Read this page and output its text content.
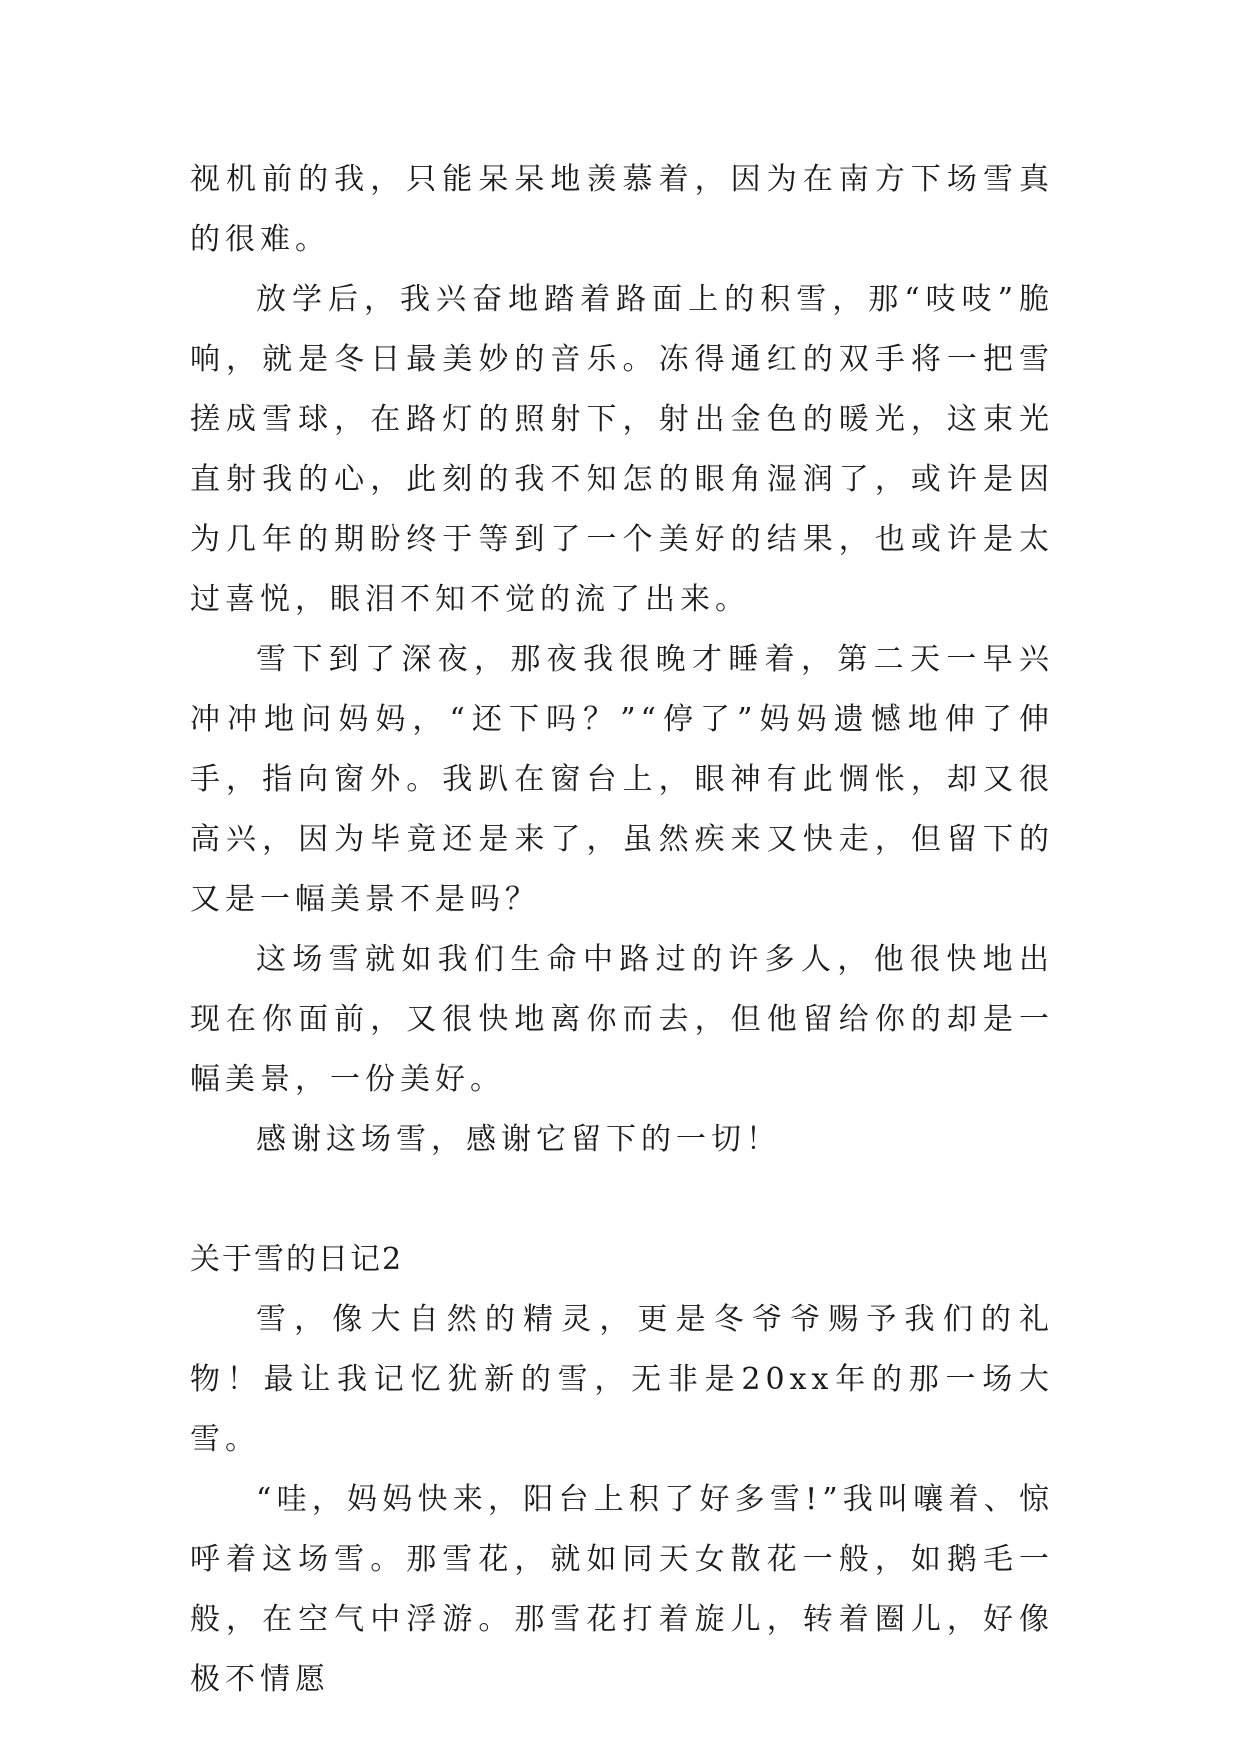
视机前的我，只能呆呆地羡慕着，因为在南方下场雪真的很难。

放学后，我兴奋地踏着路面上的积雪，那“吱吱”脆响，就是冬日最美妙的音乐。冻得通红的双手将一把雪搓成雪球，在路灯的照射下，射出金色的暖光，这束光直射我的心，此刻的我不知怎的眼角湿润了，或许是因为几年的期盼终于等到了一个美好的结果，也或许是太过喜悦，眼泪不知不觉的流了出来。

雪下到了深夜，那夜我很晚才睡着，第二天一早兴冲冲地问妈妈，“还下吗？”“停了”妈妈遗憾地伸了伸手，指向窗外。我趴在窗台上，眼神有此惆怅，却又很高兴，因为毕竟还是来了，虽然疾来又快走，但留下的又是一幅美景不是吗？

这场雪就如我们生命中路过的许多人，他很快地出现在你面前，又很快地离你而去，但他留给你的却是一幅美景，一份美好。

感谢这场雪，感谢它留下的一切！

关于雪的日记2

雪，像大自然的精灵，更是冬爷爷赐予我们的礼物！最让我记忆犹新的雪，无非是20xx年的那一场大雪。

“哇，妈妈快来，阳台上积了好多雪!”我叫嚷着、惊呼着这场雪。那雪花，就如同天女散花一般，如鹅毛一般，在空气中浮游。那雪花打着旋儿，转着圈儿，好像极不情愿
